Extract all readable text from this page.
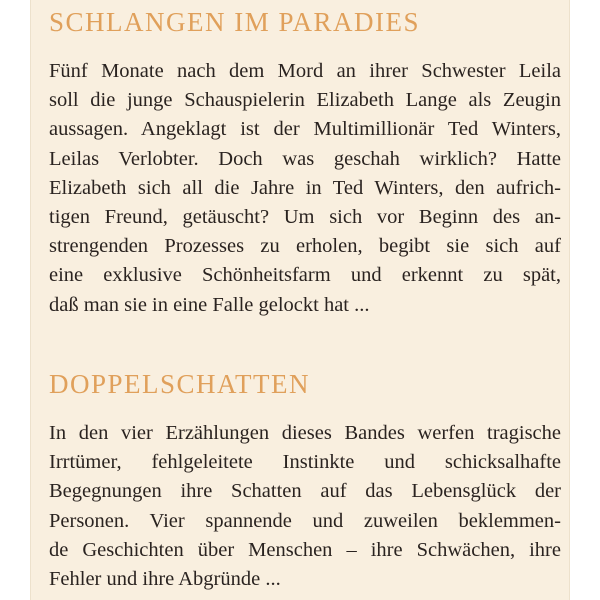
SCHLANGEN IM PARADIES
Fünf Monate nach dem Mord an ihrer Schwester Leila
soll die junge Schauspielerin Elizabeth Lange als Zeugin
aussagen. Angeklagt ist der Multimillionär Ted Winters,
Leilas Verlobter. Doch was geschah wirklich? Hatte
Elizabeth sich all die Jahre in Ted Winters, den aufrich-
tigen Freund, getäuscht? Um sich vor Beginn des an-
strengenden Prozesses zu erholen, begibt sie sich auf
eine exklusive Schönheitsfarm und erkennt zu spät,
daß man sie in eine Falle gelockt hat ...
DOPPELSCHATTEN
In den vier Erzählungen dieses Bandes werfen tragische
Irrtümer, fehlgeleitete Instinkte und schicksalhafte
Begegnungen ihre Schatten auf das Lebensglück der
Personen. Vier spannende und zuweilen beklemmen-
de Geschichten über Menschen – ihre Schwächen, ihre
Fehler und ihre Abgründe ...
